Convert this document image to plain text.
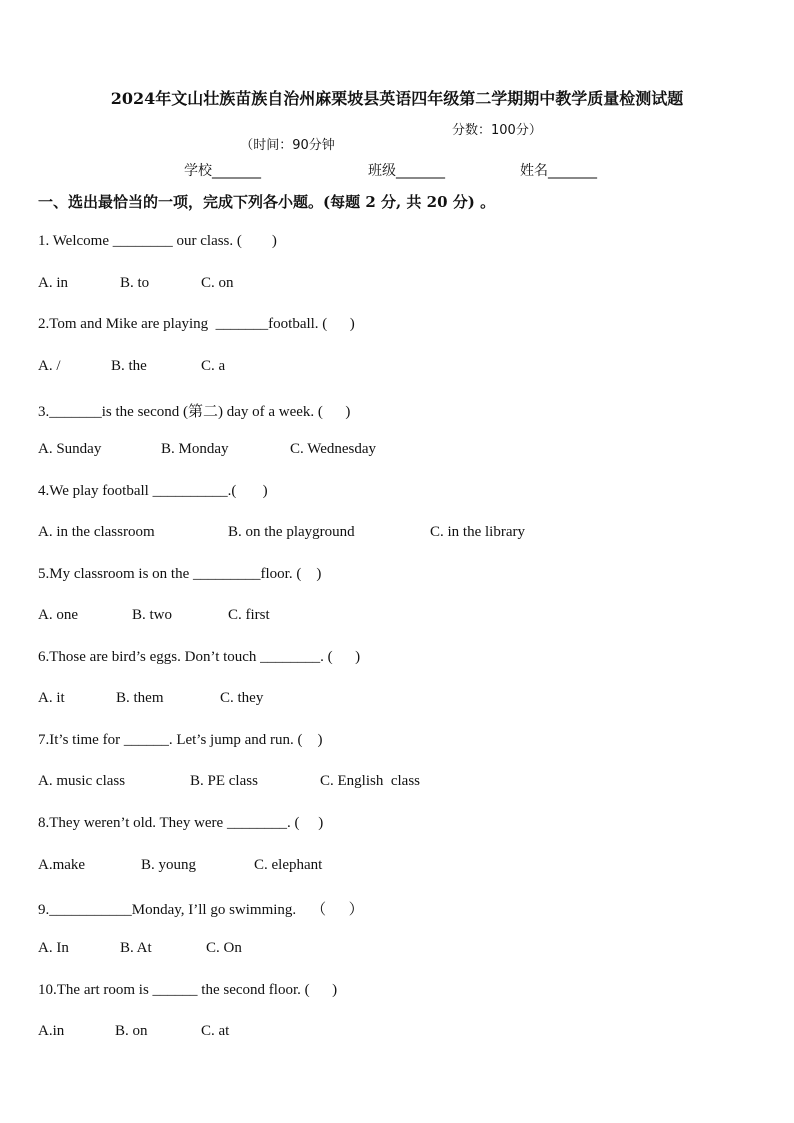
2024年文山壮族苗族自治州麻栗坡县英语四年级第二学期期中教学质量检测试题

（时间：90分钟

分数：100分）

学校_______	班级_______	姓名_______
一、选出最恰当的一项，完成下列各小题。(每题 2 分, 共 20 分) 。
1. Welcome ________ our class. (        )
A. in	B. to	C. on
2.Tom and Mike are playing  _______football. (      )
A. /	B. the	C. a
3._______is the second (第二) day of a week. (      )
A. Sunday	B. Monday	C. Wednesday
4.We play football __________.(       )
A. in the classroom	B. on the playground	C. in the library
5.My classroom is on the _________floor. (    )
A. one	B. two	C. first
6.Those are bird’s eggs. Don’t touch ________. (      )
A. it	B. them	C. they
7.It’s time for ______. Let’s jump and run. (    )
A. music class	B. PE class	C. English  class
8.They weren’t old. They were ________. (     )
A.make	B. young	C. elephant
9.___________Monday, I’ll go swimming.    （      ）
A. In	B. At	C. On
10.The art room is ______ the second floor. (      )
A.in	B. on	C. at
